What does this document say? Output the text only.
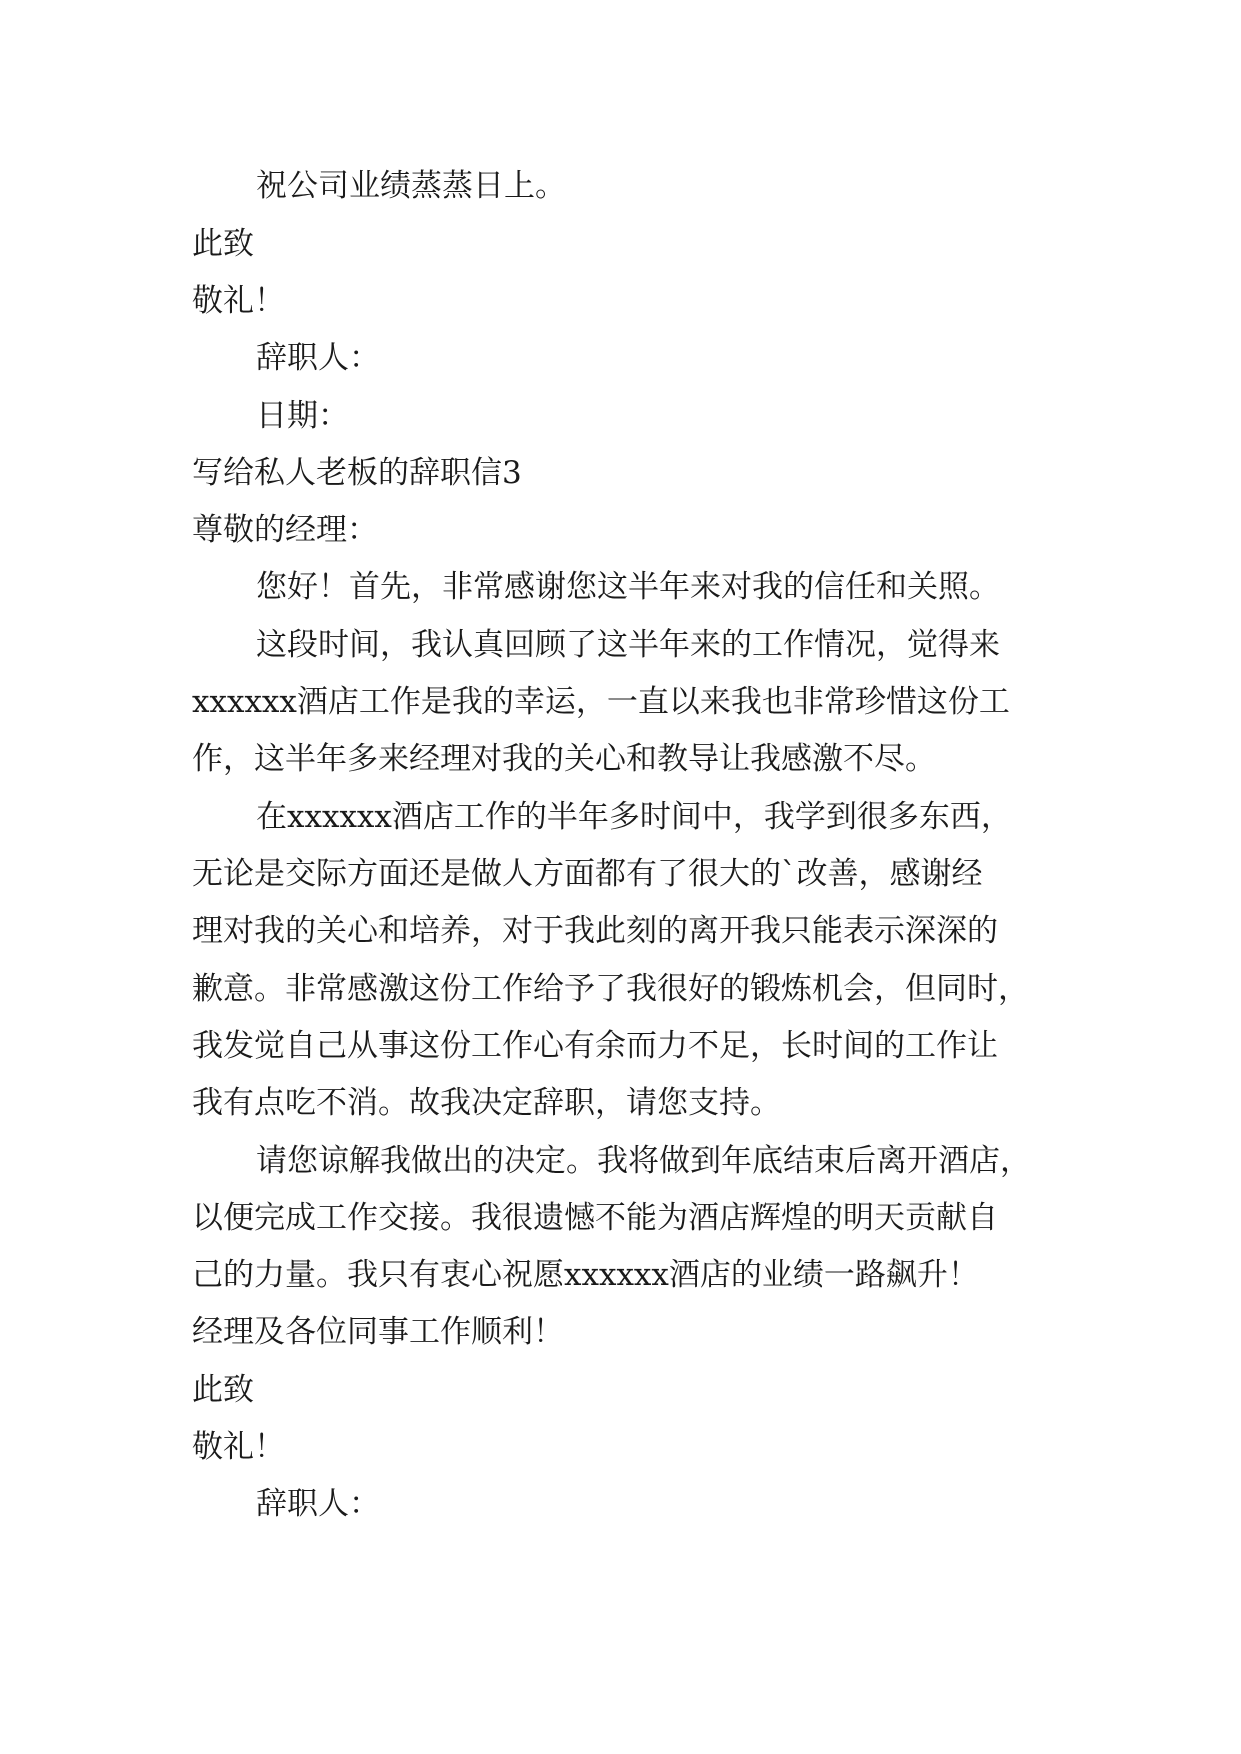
祝公司业绩蒸蒸日上。
此致
敬礼！
辞职人：
日期：
写给私人老板的辞职信3
尊敬的经理：
您好！首先，非常感谢您这半年来对我的信任和关照。
这段时间，我认真回顾了这半年来的工作情况，觉得来
xxxxxx酒店工作是我的幸运，一直以来我也非常珍惜这份工
作，这半年多来经理对我的关心和教导让我感激不尽。
在xxxxxx酒店工作的半年多时间中，我学到很多东西，
无论是交际方面还是做人方面都有了很大的`改善，感谢经
理对我的关心和培养，对于我此刻的离开我只能表示深深的
歉意。非常感激这份工作给予了我很好的锻炼机会，但同时，
我发觉自己从事这份工作心有余而力不足，长时间的工作让
我有点吃不消。故我决定辞职，请您支持。
请您谅解我做出的决定。我将做到年底结束后离开酒店，
以便完成工作交接。我很遗憾不能为酒店辉煌的明天贡献自
己的力量。我只有衷心祝愿xxxxxx酒店的业绩一路飙升！
经理及各位同事工作顺利！
此致
敬礼！
辞职人：
